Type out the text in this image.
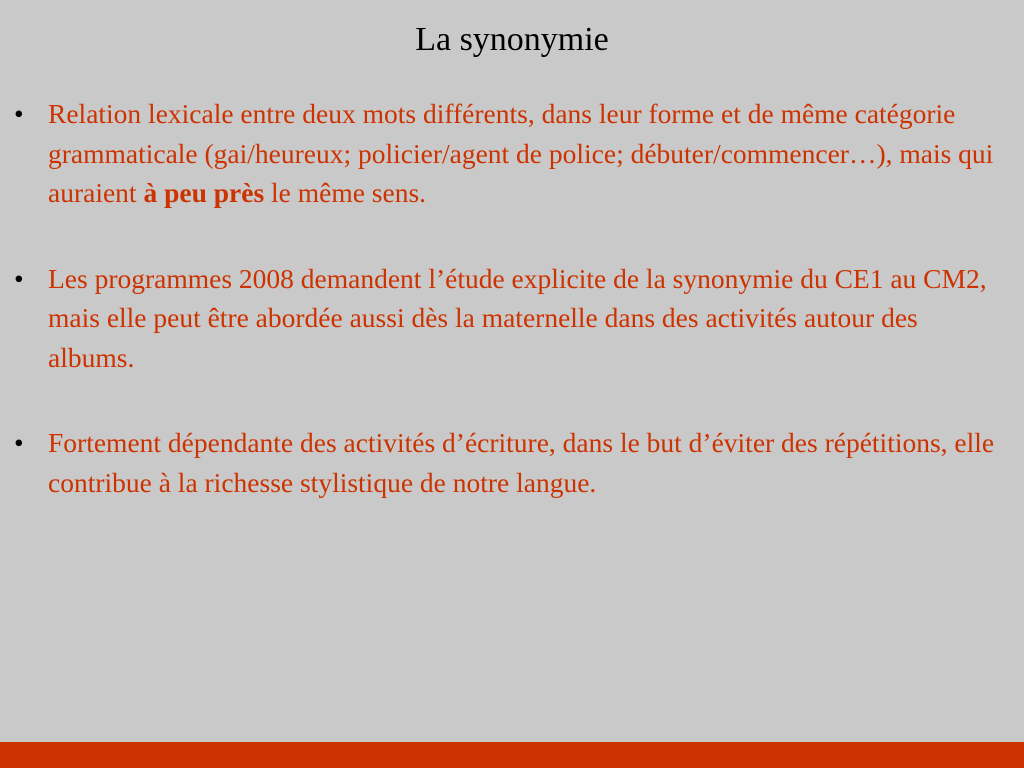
La synonymie
• Relation lexicale entre deux mots différents, dans leur forme et de même catégorie grammaticale (gai/heureux; policier/agent de police; débuter/commencer…), mais qui auraient à peu près le même sens.
• Les programmes 2008 demandent l’étude explicite de la synonymie du CE1 au CM2, mais elle peut être abordée aussi dès la maternelle dans des activités autour des albums.
• Fortement dépendante des activités d’écriture, dans le but d’éviter des répétitions, elle contribue à la richesse stylistique de notre langue.
